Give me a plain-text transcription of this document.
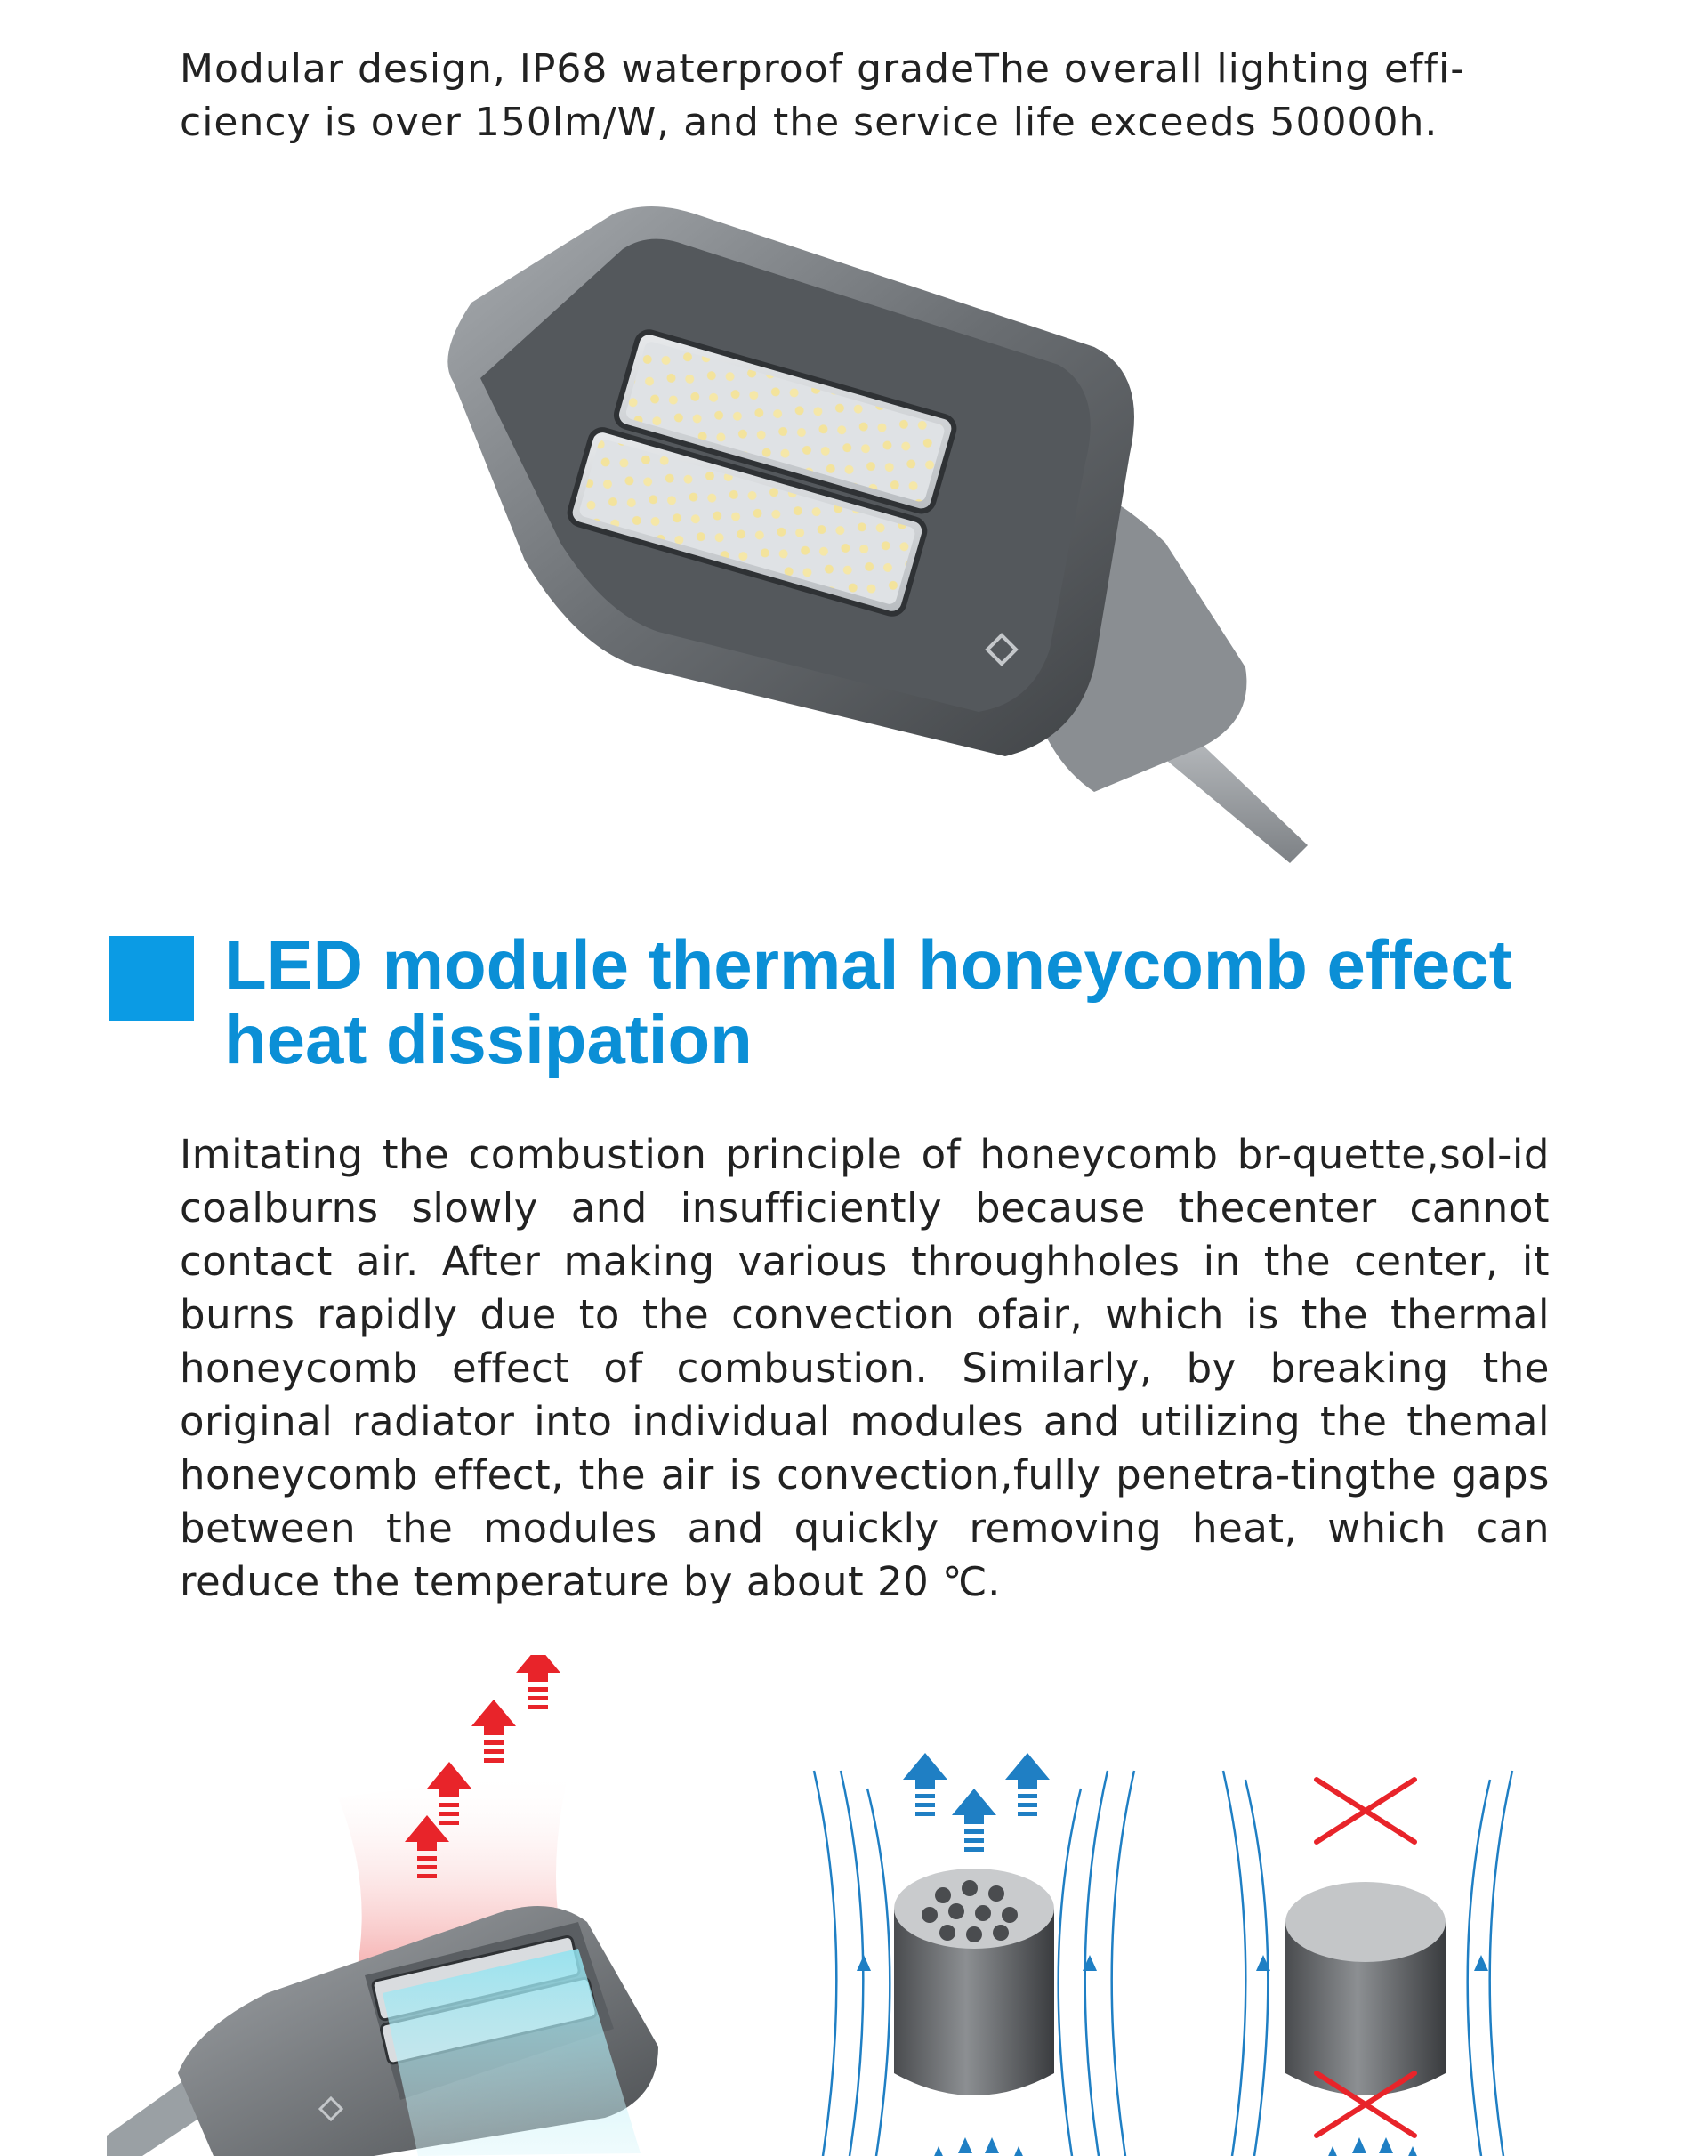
Modular design, IP68 waterproof gradeThe overall lighting effi-ciency is over 150lm/W, and the service life exceeds 50000h.

LED module thermal honeycomb effect heat dissipation

Imitating the combustion principle of honeycomb br-quette,sol-id coalburns slowly and insufficiently because thecenter cannot contact air. After making various throughholes in the center, it burns rapidly due to the convection ofair, which is the thermal honeycomb effect of combustion. Similarly, by breaking the original radiator into individual modules and utilizing the themal honeycomb effect, the air is convection,fully penetra-tingthe gaps between the modules and quickly removing heat, which can reduce the temperature by about 20 ℃.
